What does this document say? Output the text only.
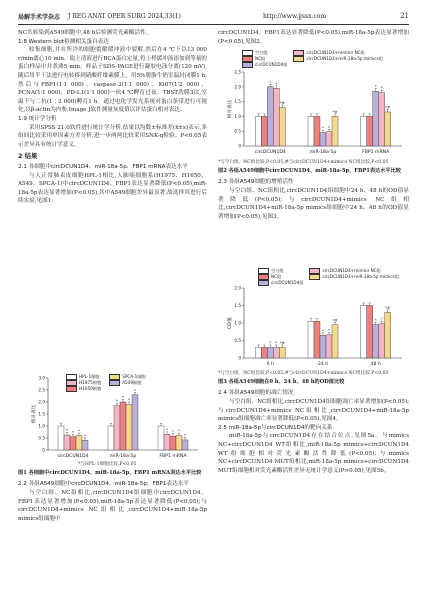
局解手术学杂志 J REG ANAT OPER SURG 2024,33(1)	http://www.jjssx.com	21

NC共转染到A549细胞中,48 h后检测荧光素酶活性。

1.8 Western blot检测相关蛋白表达

收集细胞,并在所冷的细胞裂解缓冲液中裂解,然后在4 ℃下以13 000 r/min离心10 min。取上清液进行BCA蛋白定量,将上样缓冲液添加到等量的蛋白样品中并煮沸5 min。样品于SDS-PAGE进行凝胶电泳分离(120 mV),随后用半干法进行电转移到硝酸纤维素膜上。用5%脱脂牛奶室温封闭膜1 h,然后与FBP1(1∶1 000)、caspase-3(1∶1 000)、Ki67(1∶2 000)、PCNA(1∶1 000)、PD-L1(1∶1 000)一抗4 ℃孵育过夜。TBST洗膜3次,室温下与二抗(1∶2 000)孵育1 h。通过电化学发光系统对蛋白条带进行可视化,以β-actin为内参,Image J软件测量灰度值以评估蛋白相对表达。

1.9 统计学分析

采用SPSS 21.0软件进行统计学分析,结果以均数±标准差(x̄±s)表示,多组间比较采用单因素方差分析,进一步两两比较采用SNK-q检验。P<0.05表示差异具有统计学意义。

2 结果

2.1 各细胞中circDCUN1D4、miR-18a-5p、FBP1 mRNA表达水平

与人正常肺表皮细胞HPL-1相比,人肺癌细胞系(H1975、H1650、A549、SPCA-1)中circDCUN1D4、FBP1表达显著降低(P<0.05),miR-18a-5p表达显著增加(P<0.05),其中A549细胞差异最显著,故选择其进行后续实验,见图1。

0
0.5
1.0
1.5
2.0
2.5
3.0
相对表达
* * *
*
circDCUN1D4
*
* *
*
miR-18a-5p
* * *
*
FBP1 mRNA
HPL-1细胞	SPCA-1细胞
H1975细胞	A549细胞
H1650细胞
*与HPL-1细胞比较,P<0.05
图1 各细胞中circDCUN1D4、miR-18a-5p、FBP1 mRNA表达水平比较

2.2 各组A549细胞中circDCUN1D4、miR-18a-5p、FBP1表达水平

与空白组、NC组相比,circDCUN1D4组细胞中circDCUN1D4、FBP1表达显著增加(P<0.05),miR-18a-5p表达显著降低(P<0.05);与circDCUN1D4+mimics NC组相比,circDCUN1D4+miR-18a-5p mimics组细胞中

circDCUN1D4、FBP1表达显著降低(P<0.05),miR-18a-5p表达显著增加(P<0.05),见图2。

0
0.5
1.0
1.5
2.0
2.5
相对表达
* *
*#
circDCUN1D4
* *
*#
miR-18a-5p
* *
*#
FBP1 mRNA
空白组	circDCUN1D4+mimics NC组
NC组	circDCUN1D4+miR-18a-5p mimics组
circDCUN1D4组
*与空白组、NC组比较,P<0.05;#与circDCUN1D4+mimics NC组比较,P<0.05
图2 各组A549细胞中circDCUN1D4、miR-18a-5p、FBP1表达水平比较

2.3 各组A549细胞的增殖活性

与空白组、NC组相比,circDCUN1D4组细胞中24 h、48 h的OD值显著降低(P<0.05);与circDCUN1D4+mimics NC组相比,circDCUN1D4+miR-18a-5p mimics组细胞中24 h、48 h的OD值显著增加(P<0.05),见图3。

0
0.5
1.0
1.5
2.0
OD值
* * *#
0 h
* *
*#
24 h
* *
*#
48 h
空白组	circDCUN1D4+mimics NC组
NC组	circDCUN1D4+miR-18a-5p mimics组
circDCUN1D4组
*与空白组、NC组比较,P<0.05;#与circDCUN1D4+mimics NC组比较,P<0.05
图3 各组A549细胞在0 h、24 h、48 h的OD值比较

2.4 各组A549细胞的凋亡情况

与空白组、NC组相比,circDCUN1D4组细胞凋亡率显著增加(P<0.05);与circDCUN1D4+mimics NC组相比,circDCUN1D4+miR-18a-5p mimics组细胞凋亡率显著降低(P<0.05),见图4。

2.5 miR-18a-5p与circDCUN1D4的靶向关系

miR-18a-5p与circDCUN1D4存在结合位点,见图5a。与mimics NC+circDCUN1D4 WT组相比,miR-18a-5p mimics+circDCUN1D4 WT组细胞相对荧光素酶活性降低(P<0.05);与mimics NC+circDCUN1D4 MUT组相比,miR-18a-5p mimics+circDCUN1D4 MUT组细胞相对荧光素酶活性差异无统计学意义(P>0.05),见图5b。
